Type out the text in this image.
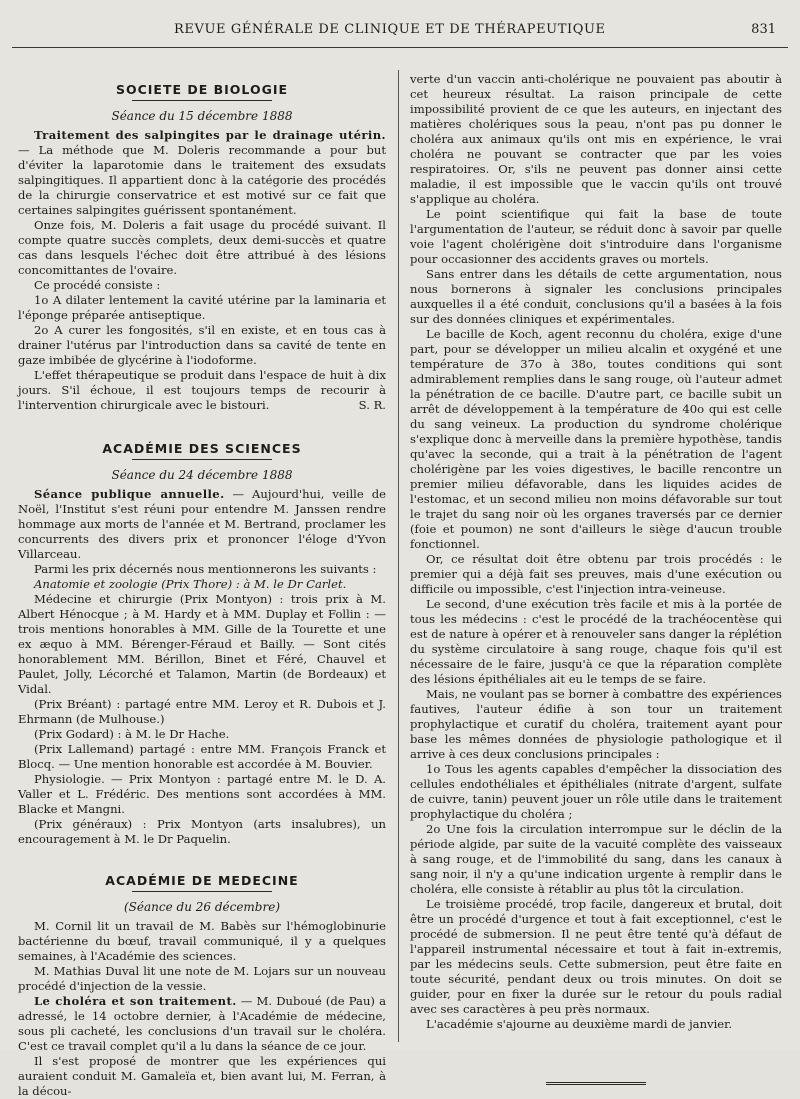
REVUE GÉNÉRALE DE CLINIQUE ET DE THÉRAPEUTIQUE	831
SOCIETE DE BIOLOGIE
Séance du 15 décembre 1888

Traitement des salpingites par le drainage utérin. — La méthode que M. Doleris recommande a pour but d'éviter la laparotomie dans le traitement des exsudats salpingitiques. Il appartient donc à la catégorie des procédés de la chirurgie conservatrice et est motivé sur ce fait que certaines salpingites guérissent spontanément.

Onze fois, M. Doleris a fait usage du procédé suivant. Il compte quatre succès complets, deux demi-succès et quatre cas dans lesquels l'échec doit être attribué à des lésions concomittantes de l'ovaire.

Ce procédé consiste :

1o A dilater lentement la cavité utérine par la laminaria et l'éponge préparée antiseptique.

2o A curer les fongosités, s'il en existe, et en tous cas à drainer l'utérus par l'introduction dans sa cavité de tente en gaze imbibée de glycérine à l'iodoforme.

L'effet thérapeutique se produit dans l'espace de huit à dix jours. S'il échoue, il est toujours temps de recourir à l'intervention chirurgicale avec le bistouri.	S. R.

ACADÉMIE DES SCIENCES
Séance du 24 décembre 1888

Séance publique annuelle. — Aujourd'hui, veille de Noël, l'Institut s'est réuni pour entendre M. Janssen rendre hommage aux morts de l'année et M. Bertrand, proclamer les concurrents des divers prix et prononcer l'éloge d'Yvon Villarceau.

Parmi les prix décernés nous mentionnerons les suivants :

Anatomie et zoologie (Prix Thore) : à M. le Dr Carlet.

Médecine et chirurgie (Prix Montyon) : trois prix à M. Albert Hénocque ; à M. Hardy et à MM. Duplay et Follin : — trois mentions honorables à MM. Gille de la Tourette et une ex æquo à MM. Bérenger-Féraud et Bailly. — Sont cités honorablement MM. Bérillon, Binet et Féré, Chauvel et Paulet, Jolly, Lécorché et Talamon, Martin (de Bordeaux) et Vidal.

(Prix Bréant) : partagé entre MM. Leroy et R. Dubois et J. Ehrmann (de Mulhouse.)

(Prix Godard) : à M. le Dr Hache.

(Prix Lallemand) partagé : entre MM. François Franck et Blocq. — Une mention honorable est accordée à M. Bouvier.

Physiologie. — Prix Montyon : partagé entre M. le D. A. Valler et L. Frédéric. Des mentions sont accordées à MM. Blacke et Mangni.

(Prix généraux) : Prix Montyon (arts insalubres), un encouragement à M. le Dr Paquelin.

ACADÉMIE DE MEDECINE
(Séance du 26 décembre)

M. Cornil lit un travail de M. Babès sur l'hémoglobinurie bactérienne du bœuf, travail communiqué, il y a quelques semaines, à l'Académie des sciences.

M. Mathias Duval lit une note de M. Lojars sur un nouveau procédé d'injection de la vessie.

Le choléra et son traitement. — M. Duboué (de Pau) a adressé, le 14 octobre dernier, à l'Académie de médecine, sous pli cacheté, les conclusions d'un travail sur le choléra. C'est ce travail complet qu'il a lu dans la séance de ce jour.

Il s'est proposé de montrer que les expériences qui auraient conduit M. Gamaleïa et, bien avant lui, M. Ferran, à la décou-

verte d'un vaccin anti-cholérique ne pouvaient pas aboutir à cet heureux résultat. La raison principale de cette impossibilité provient de ce que les auteurs, en injectant des matières cholériques sous la peau, n'ont pas pu donner le choléra aux animaux qu'ils ont mis en expérience, le vrai choléra ne pouvant se contracter que par les voies respiratoires. Or, s'ils ne peuvent pas donner ainsi cette maladie, il est impossible que le vaccin qu'ils ont trouvé s'applique au choléra.

Le point scientifique qui fait la base de toute l'argumentation de l'auteur, se réduit donc à savoir par quelle voie l'agent cholérigène doit s'introduire dans l'organisme pour occasionner des accidents graves ou mortels.

Sans entrer dans les détails de cette argumentation, nous nous bornerons à signaler les conclusions principales auxquelles il a été conduit, conclusions qu'il a basées à la fois sur des données cliniques et expérimentales.

Le bacille de Koch, agent reconnu du choléra, exige d'une part, pour se développer un milieu alcalin et oxygéné et une température de 37o à 38o, toutes conditions qui sont admirablement remplies dans le sang rouge, où l'auteur admet la pénétration de ce bacille. D'autre part, ce bacille subit un arrêt de développement à la température de 40o qui est celle du sang veineux. La production du syndrome cholérique s'explique donc à merveille dans la première hypothèse, tandis qu'avec la seconde, qui a trait à la pénétration de l'agent cholérigène par les voies digestives, le bacille rencontre un premier milieu défavorable, dans les liquides acides de l'estomac, et un second milieu non moins défavorable sur tout le trajet du sang noir où les organes traversés par ce dernier (foie et poumon) ne sont d'ailleurs le siège d'aucun trouble fonctionnel.

Or, ce résultat doit être obtenu par trois procédés : le premier qui a déjà fait ses preuves, mais d'une exécution ou difficile ou impossible, c'est l'injection intra-veineuse.

Le second, d'une exécution très facile et mis à la portée de tous les médecins : c'est le procédé de la trachéocentèse qui est de nature à opérer et à renouveler sans danger la réplétion du système circulatoire à sang rouge, chaque fois qu'il est nécessaire de le faire, jusqu'à ce que la réparation complète des lésions épithéliales ait eu le temps de se faire.

Mais, ne voulant pas se borner à combattre des expériences fautives, l'auteur édifie à son tour un traitement prophylactique et curatif du choléra, traitement ayant pour base les mêmes données de physiologie pathologique et il arrive à ces deux conclusions principales :

1o Tous les agents capables d'empêcher la dissociation des cellules endothéliales et épithéliales (nitrate d'argent, sulfate de cuivre, tanin) peuvent jouer un rôle utile dans le traitement prophylactique du choléra ;

2o Une fois la circulation interrompue sur le déclin de la période algide, par suite de la vacuité complète des vaisseaux à sang rouge, et de l'immobilité du sang, dans les canaux à sang noir, il n'y a qu'une indication urgente à remplir dans le choléra, elle consiste à rétablir au plus tôt la circulation.

Le troisième procédé, trop facile, dangereux et brutal, doit être un procédé d'urgence et tout à fait exceptionnel, c'est le procédé de submersion. Il ne peut être tenté qu'à défaut de l'appareil instrumental nécessaire et tout à fait in-extremis, par les médecins seuls. Cette submersion, peut être faite en toute sécurité, pendant deux ou trois minutes. On doit se guider, pour en fixer la durée sur le retour du pouls radial avec ses caractères à peu près normaux.

L'académie s'ajourne au deuxième mardi de janvier.
